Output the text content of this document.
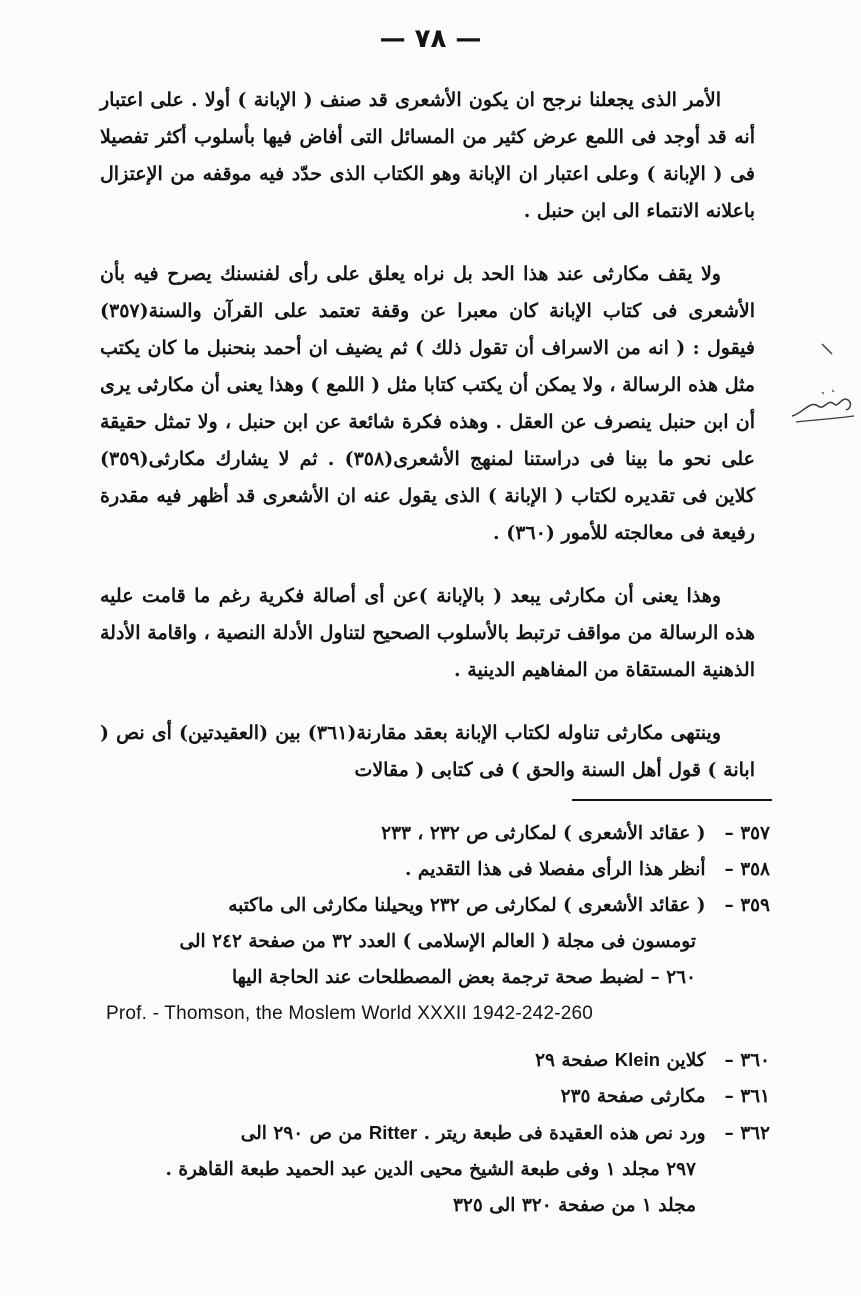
— ٧٨ —

الأمر الذى يجعلنا نرجح ان يكون الأشعرى قد صنف ( الإبانة ) أولا . على اعتبار أنه قد أوجد فى اللمع عرض كثير من المسائل التى أفاض فيها بأسلوب أكثر تفصيلا فى ( الإبانة ) وعلى اعتبار ان الإبانة وهو الكتاب الذى حدّد فيه موقفه من الإعتزال باعلانه الانتماء الى ابن حنبل .

ولا يقف مكارثى عند هذا الحد بل نراه يعلق على رأى لفنسنك يصرح فيه بأن الأشعرى فى كتاب الإبانة كان معبرا عن وقفة تعتمد على القرآن والسنة(٣٥٧) فيقول : ( انه من الاسراف أن تقول ذلك ) ثم يضيف ان أحمد بنحنبل ما كان يكتب مثل هذه الرسالة ، ولا يمكن أن يكتب كتابا مثل ( اللمع ) وهذا يعنى أن مكارثى يرى أن ابن حنبل ينصرف عن العقل . وهذه فكرة شائعة عن ابن حنبل ، ولا تمثل حقيقة على نحو ما بينا فى دراستنا لمنهج الأشعرى(٣٥٨) . ثم لا يشارك مكارثى(٣٥٩) كلاين فى تقديره لكتاب ( الإبانة ) الذى يقول عنه ان الأشعرى قد أظهر فيه مقدرة رفيعة فى معالجته للأمور (٣٦٠) .

وهذا يعنى أن مكارثى يبعد ( بالإبانة )عن أى أصالة فكرية رغم ما قامت عليه هذه الرسالة من مواقف ترتبط بالأسلوب الصحيح لتناول الأدلة النصية ، واقامة الأدلة الذهنية المستقاة من المفاهيم الدينية .

وينتهى مكارثى تناوله لكتاب الإبانة بعقد مقارنة(٣٦١) بين (العقيدتين) أى نص ( ابانة ) قول أهل السنة والحق ) فى كتابى ( مقالات

٣٥٧ – ( عقائد الأشعرى ) لمكارثى ص ٢٣٢ ، ٢٣٣
٣٥٨ – أنظر هذا الرأى مفصلا فى هذا التقديم .
٣٥٩ – ( عقائد الأشعرى ) لمكارثى ص ٢٣٢ ويحيلنا مكارثى الى ماكتبه
تومسون فى مجلة ( العالم الإسلامى ) العدد ٣٢ من صفحة ٢٤٢ الى
٢٦٠ – لضبط صحة ترجمة بعض المصطلحات عند الحاجة اليها
Prof. - Thomson, the Moslem World XXXII 1942-242-260
٣٦٠ – كلاين Klein صفحة ٢٩
٣٦١ – مكارثى صفحة ٢٣٥
٣٦٢ – ورد نص هذه العقيدة فى طبعة ريتر . Ritter من ص ٢٩٠ الى
٢٩٧ مجلد ١ وفى طبعة الشيخ محيى الدين عبد الحميد طبعة القاهرة .
مجلد ١ من صفحة ٣٢٠ الى ٣٢٥
